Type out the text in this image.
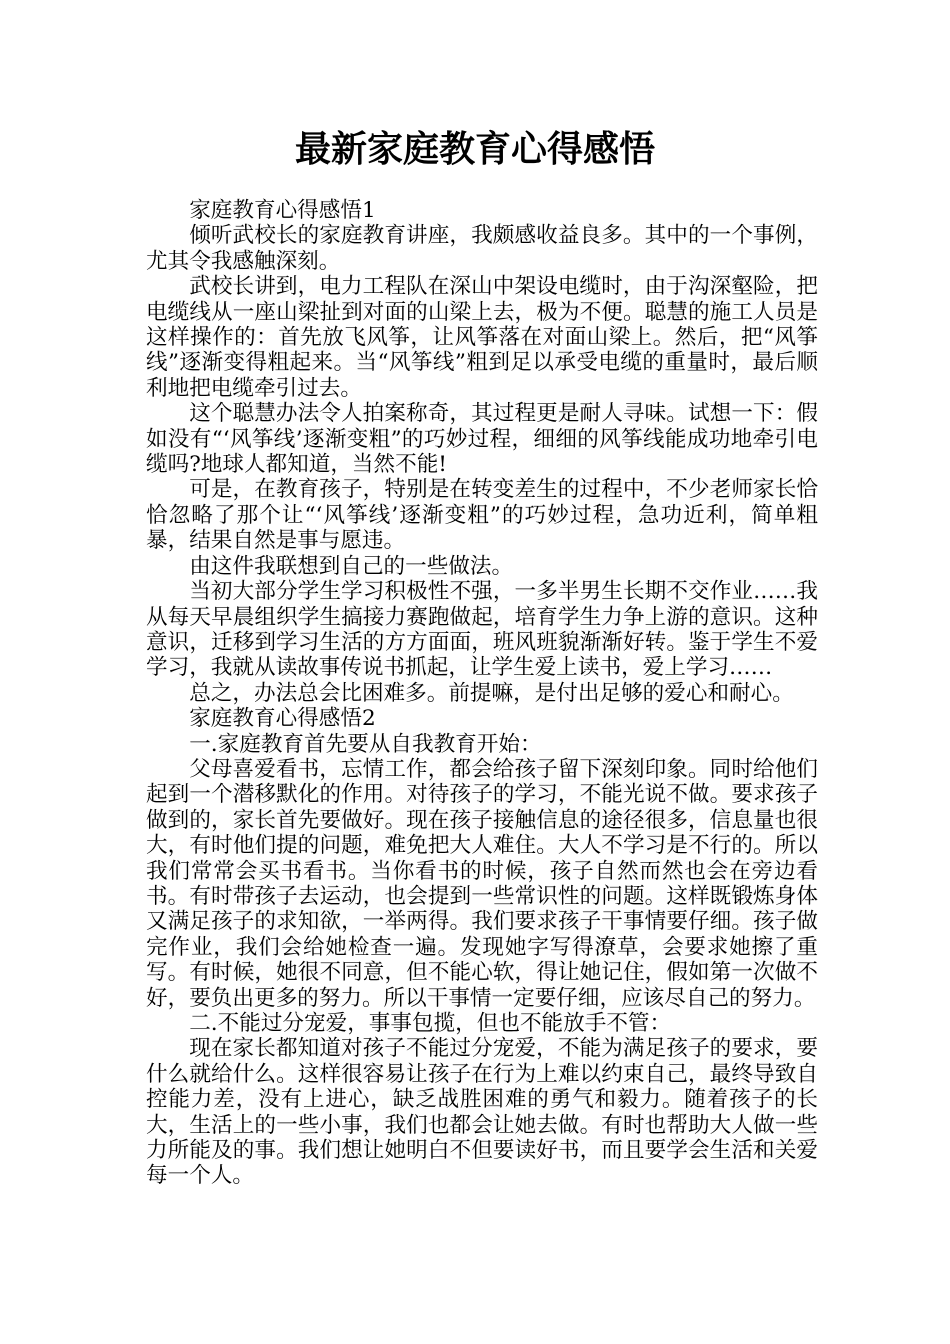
最新家庭教育心得感悟

家庭教育心得感悟1

倾听武校长的家庭教育讲座，我颇感收益良多。其中的一个事例，尤其令我感触深刻。

武校长讲到，电力工程队在深山中架设电缆时，由于沟深壑险，把电缆线从一座山梁扯到对面的山梁上去，极为不便。聪慧的施工人员是这样操作的：首先放飞风筝，让风筝落在对面山梁上。然后，把“风筝线”逐渐变得粗起来。当“风筝线”粗到足以承受电缆的重量时，最后顺利地把电缆牵引过去。

这个聪慧办法令人拍案称奇，其过程更是耐人寻味。试想一下：假如没有“‘风筝线’逐渐变粗”的巧妙过程，细细的风筝线能成功地牵引电缆吗?地球人都知道，当然不能!

可是，在教育孩子，特别是在转变差生的过程中，不少老师家长恰恰忽略了那个让“‘风筝线’逐渐变粗”的巧妙过程，急功近利，简单粗暴，结果自然是事与愿违。

由这件我联想到自己的一些做法。

当初大部分学生学习积极性不强，一多半男生长期不交作业……我从每天早晨组织学生搞接力赛跑做起，培育学生力争上游的意识。这种意识，迁移到学习生活的方方面面，班风班貌渐渐好转。鉴于学生不爱学习，我就从读故事传说书抓起，让学生爱上读书，爱上学习……

总之，办法总会比困难多。前提嘛，是付出足够的爱心和耐心。

家庭教育心得感悟2

一.家庭教育首先要从自我教育开始：

父母喜爱看书，忘情工作，都会给孩子留下深刻印象。同时给他们起到一个潜移默化的作用。对待孩子的学习，不能光说不做。要求孩子做到的，家长首先要做好。现在孩子接触信息的途径很多，信息量也很大，有时他们提的问题，难免把大人难住。大人不学习是不行的。所以我们常常会买书看书。当你看书的时候，孩子自然而然也会在旁边看书。有时带孩子去运动，也会提到一些常识性的问题。这样既锻炼身体又满足孩子的求知欲，一举两得。我们要求孩子干事情要仔细。孩子做完作业，我们会给她检查一遍。发现她字写得潦草，会要求她擦了重写。有时候，她很不同意，但不能心软，得让她记住，假如第一次做不好，要负出更多的努力。所以干事情一定要仔细，应该尽自己的努力。

二.不能过分宠爱，事事包揽，但也不能放手不管：

现在家长都知道对孩子不能过分宠爱，不能为满足孩子的要求，要什么就给什么。这样很容易让孩子在行为上难以约束自己，最终导致自控能力差，没有上进心，缺乏战胜困难的勇气和毅力。随着孩子的长大，生活上的一些小事，我们也都会让她去做。有时也帮助大人做一些力所能及的事。我们想让她明白不但要读好书，而且要学会生活和关爱每一个人。
